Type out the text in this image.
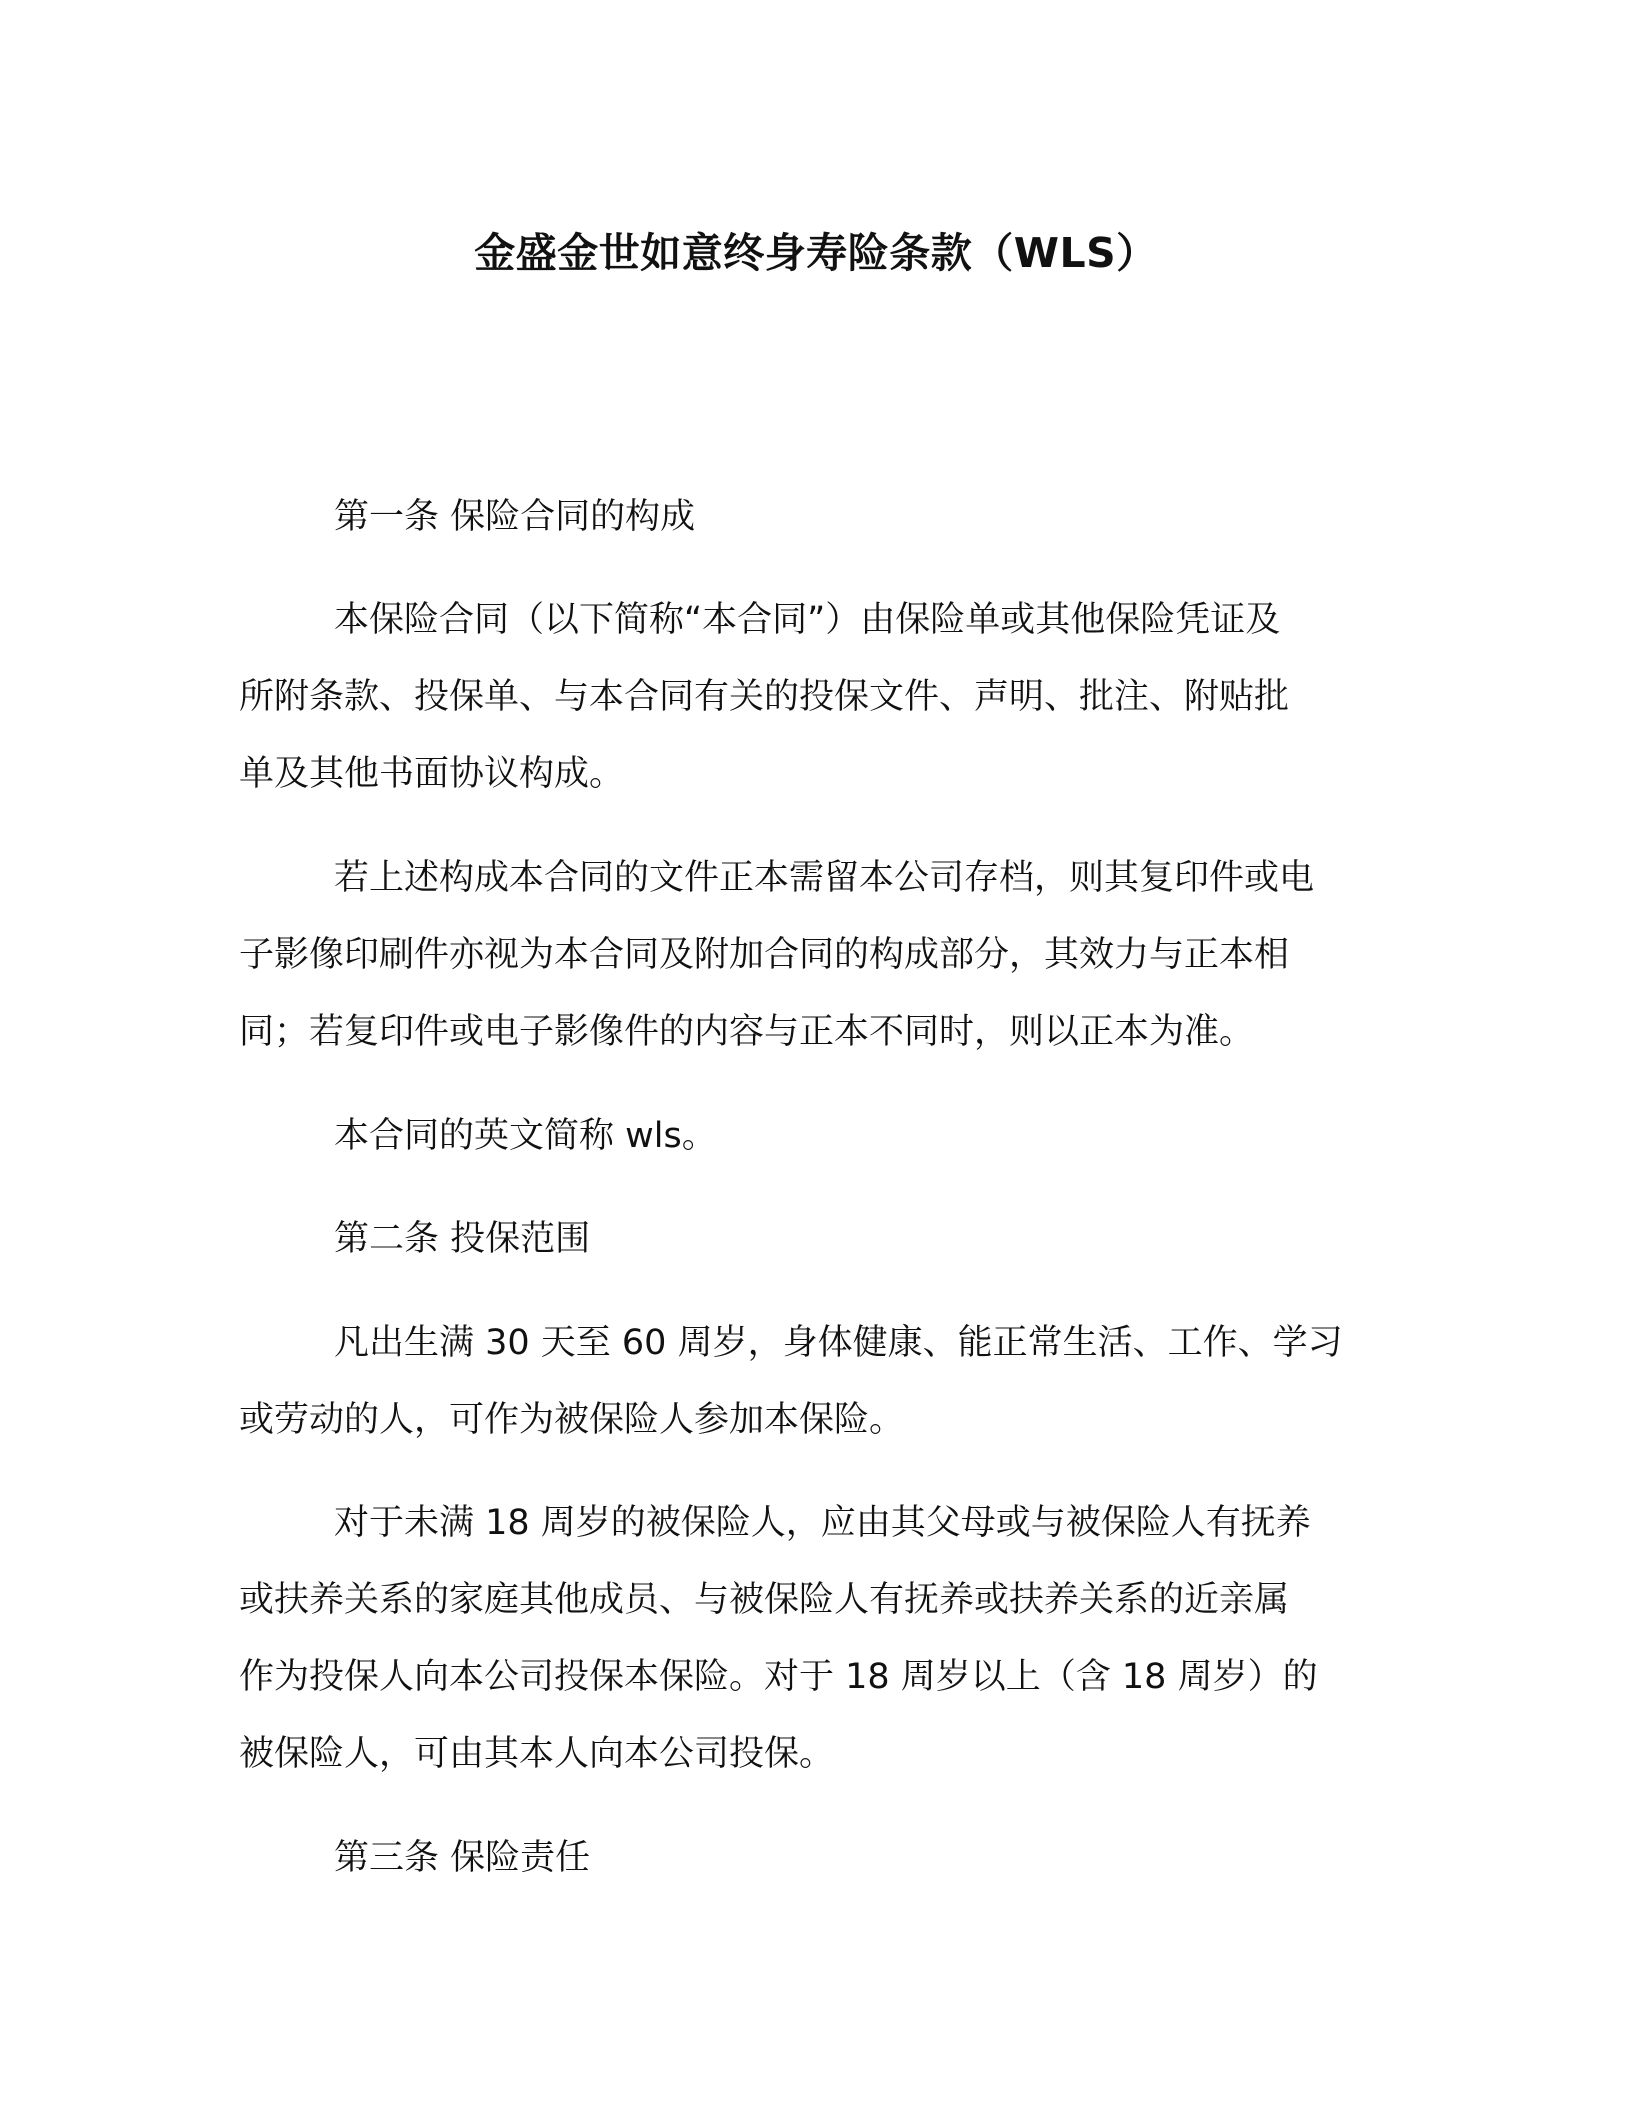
金盛金世如意终身寿险条款（WLS）

第一条 保险合同的构成

本保险合同（以下简称“本合同”）由保险单或其他保险凭证及

所附条款、投保单、与本合同有关的投保文件、声明、批注、附贴批

单及其他书面协议构成。

若上述构成本合同的文件正本需留本公司存档，则其复印件或电

子影像印刷件亦视为本合同及附加合同的构成部分，其效力与正本相

同；若复印件或电子影像件的内容与正本不同时，则以正本为准。

本合同的英文简称 wls。

第二条 投保范围

凡出生满 30 天至 60 周岁，身体健康、能正常生活、工作、学习

或劳动的人，可作为被保险人参加本保险。

对于未满 18 周岁的被保险人，应由其父母或与被保险人有抚养

或扶养关系的家庭其他成员、与被保险人有抚养或扶养关系的近亲属

作为投保人向本公司投保本保险。对于 18 周岁以上（含 18 周岁）的

被保险人，可由其本人向本公司投保。

第三条 保险责任
